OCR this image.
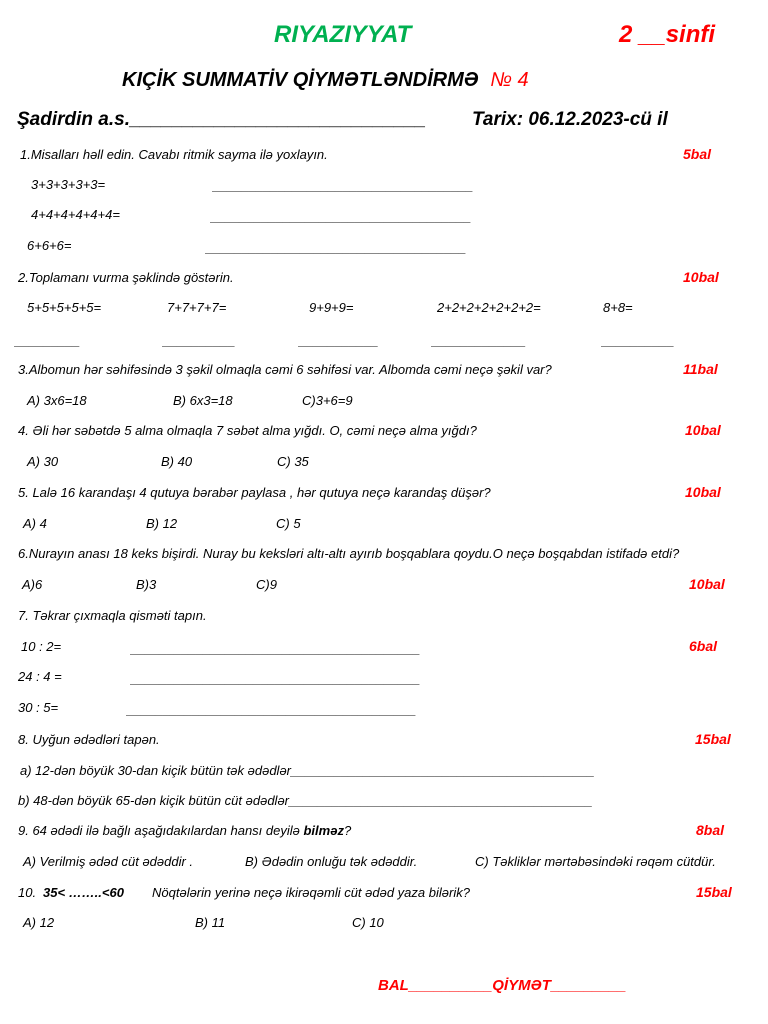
RIYAZIYYAT	2 __sinfi
KIÇİK SUMMATİV QİYMƏTLƏNDİRMƏ № 4
Şadirdin a.s.____________________________ Tarix: 06.12.2023-cü il
1.Misalları həll edin. Cavabı ritmik sayma ilə yoxlayın.	5bal
3+3+3+3+3=	____________________________________
4+4+4+4+4+4=	____________________________________
6+6+6=	____________________________________
2.Toplamanı vurma şəklində göstərin.	10bal
5+5+5+5+5=	7+7+7+7=	9+9+9=	2+2+2+2+2+2+2=	8+8=
_________	__________	___________	_____________	__________
3.Albomun hər səhifəsində 3 şəkil olmaqla cəmi 6 səhifəsi var. Albomda cəmi neçə şəkil var?	11bal
A) 3x6=18	B) 6x3=18	C)3+6=9
4. Əli hər səbətdə 5 alma olmaqla 7 səbət alma yığdı. O, cəmi neçə alma yığdı?	10bal
A) 30	B) 40	C) 35
5. Lalə 16 karandaşı 4 qutuya bərabər paylasa , hər qutuya neçə karandaş düşər?	10bal
A) 4	B) 12	C) 5
6.Nurayın anası 18 keks bişirdi. Nuray bu keksləri altı-altı ayırıb boşqablara qoydu.O neçə boşqabdan istifadə etdi?
10bal
A)6	B)3	C)9
7. Təkrar çıxmaqla qisməti tapın.
6bal
10 : 2=	________________________________________
24 : 4 =	________________________________________
30 : 5=	________________________________________
8. Uyğun ədədləri tapən.	15bal
a) 12-dən böyük 30-dan kiçik bütün tək ədədlər__________________________________________
b) 48-dən böyük 65-dən kiçik bütün cüt ədədlər__________________________________________
9. 64 ədədi ilə bağlı aşağıdakılardan hansı deyilə bilməz?	8bal
A) Verilmiş ədəd cüt ədəddir .	B) Ədədin onluğu tək ədəddir.	C) Təkliklər mərtəbəsindəki rəqəm cütdür.
10. 35< ……..<60 Nöqtələrin yerinə neçə ikirəqəmli cüt ədəd yaza bilərik?	15bal
A) 12	B) 11	C) 10
BAL__________QİYMƏT_________
